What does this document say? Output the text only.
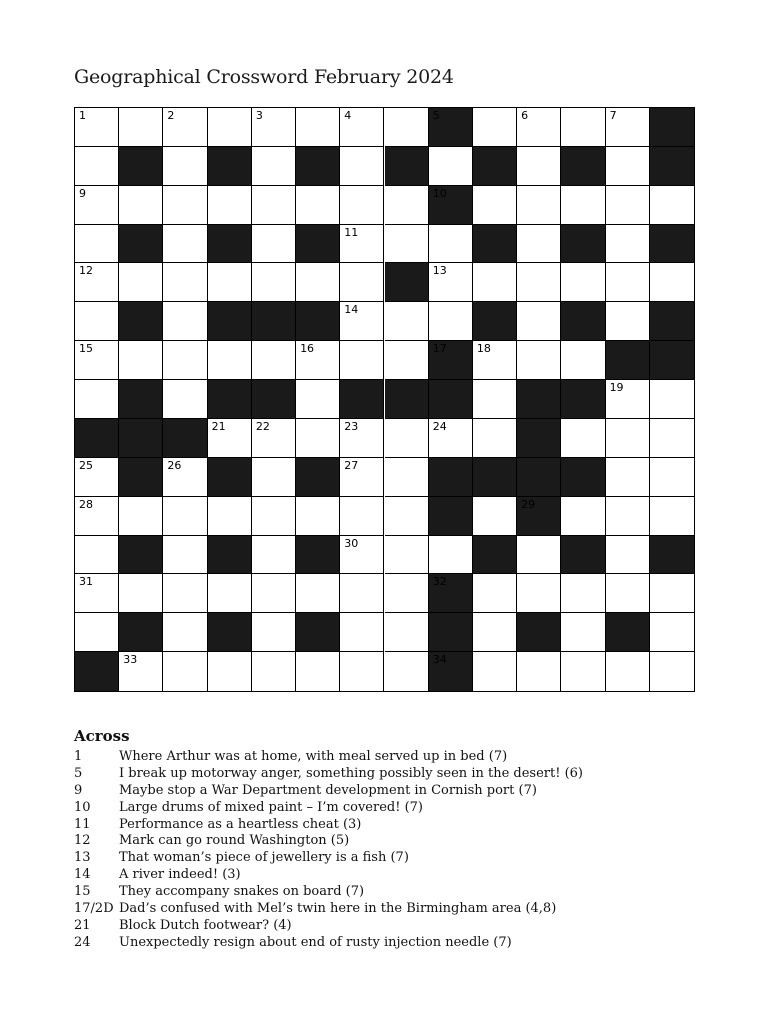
Geographical Crossword February 2024
1	2	3	4	5	6	7
9	10
11
12	13
14
15	16	17	18
19
21	22	23	24
25	26	27
28	29
30
31	32
33	34
Across
1	Where Arthur was at home, with meal served up in bed (7)
5	I break up motorway anger, something possibly seen in the desert! (6)
9	Maybe stop a War Department development in Cornish port (7)
10 Large drums of mixed paint – I’m covered! (7)
11 Performance as a heartless cheat (3)
12 Mark can go round Washington (5)
13 That woman’s piece of jewellery is a fish (7)
14 A river indeed! (3)
15 They accompany snakes on board (7)
17/2D Dad’s confused with Mel’s twin here in the Birmingham area (4,8)
21 Block Dutch footwear? (4)
24 Unexpectedly resign about end of rusty injection needle (7)
